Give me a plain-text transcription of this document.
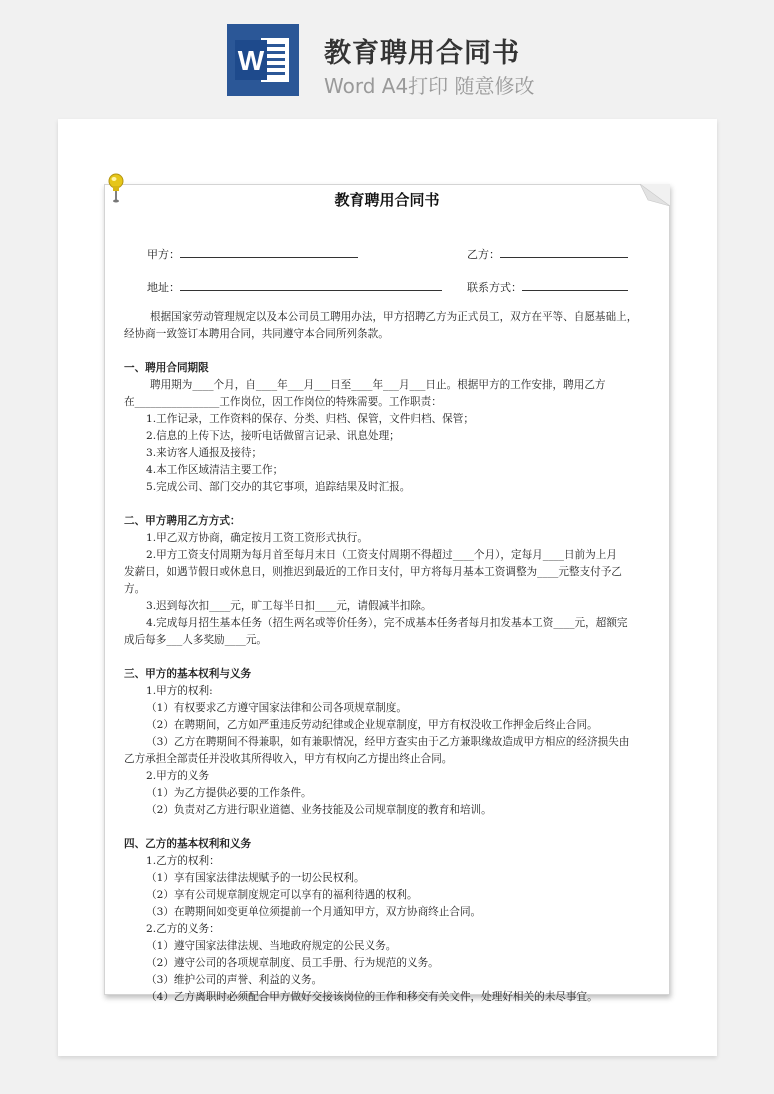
W 教育聘用合同书
Word A4打印 随意修改
教育聘用合同书
甲方：	乙方：
地址：	联系方式：

根据国家劳动管理规定以及本公司员工聘用办法，甲方招聘乙方为正式员工，双方在平等、自愿基础上，

经协商一致签订本聘用合同，共同遵守本合同所列条款。

一、聘用合同期限

聘用期为____个月，自____年___月___日至____年___月___日止。根据甲方的工作安排，聘用乙方

在________________工作岗位，因工作岗位的特殊需要。工作职责：

1.工作记录，工作资料的保存、分类、归档、保管，文件归档、保管；

2.信息的上传下达，接听电话做留言记录、讯息处理；

3.来访客人通报及接待；

4.本工作区域清洁主要工作；

5.完成公司、部门交办的其它事项，追踪结果及时汇报。

二、甲方聘用乙方方式：

1.甲乙双方协商，确定按月工资工资形式执行。

2.甲方工资支付周期为每月首至每月末日（工资支付周期不得超过____个月），定每月____日前为上月

发薪日，如遇节假日或休息日，则推迟到最近的工作日支付，甲方将每月基本工资调整为____元整支付予乙

方。

3.迟到每次扣____元，旷工每半日扣____元，请假减半扣除。

4.完成每月招生基本任务（招生两名或等价任务），完不成基本任务者每月扣发基本工资____元，超额完

成后每多___人多奖励____元。

三、甲方的基本权利与义务

1.甲方的权利:

（1）有权要求乙方遵守国家法律和公司各项规章制度。

（2）在聘期间，乙方如严重违反劳动纪律或企业规章制度，甲方有权没收工作押金后终止合同。

（3）乙方在聘期间不得兼职，如有兼职情况，经甲方查实由于乙方兼职缘故造成甲方相应的经济损失由

乙方承担全部责任并没收其所得收入，甲方有权向乙方提出终止合同。

2.甲方的义务

（1）为乙方提供必要的工作条件。

（2）负责对乙方进行职业道德、业务技能及公司规章制度的教育和培训。

四、乙方的基本权利和义务

1.乙方的权利：

（1）享有国家法律法规赋予的一切公民权利。

（2）享有公司规章制度规定可以享有的福利待遇的权利。

（3）在聘期间如变更单位须提前一个月通知甲方，双方协商终止合同。

2.乙方的义务：

（1）遵守国家法律法规、当地政府规定的公民义务。

（2）遵守公司的各项规章制度、员工手册、行为规范的义务。

（3）维护公司的声誉、利益的义务。

（4）乙方离职时必须配合甲方做好交接该岗位的工作和移交有关文件，处理好相关的未尽事宜。
